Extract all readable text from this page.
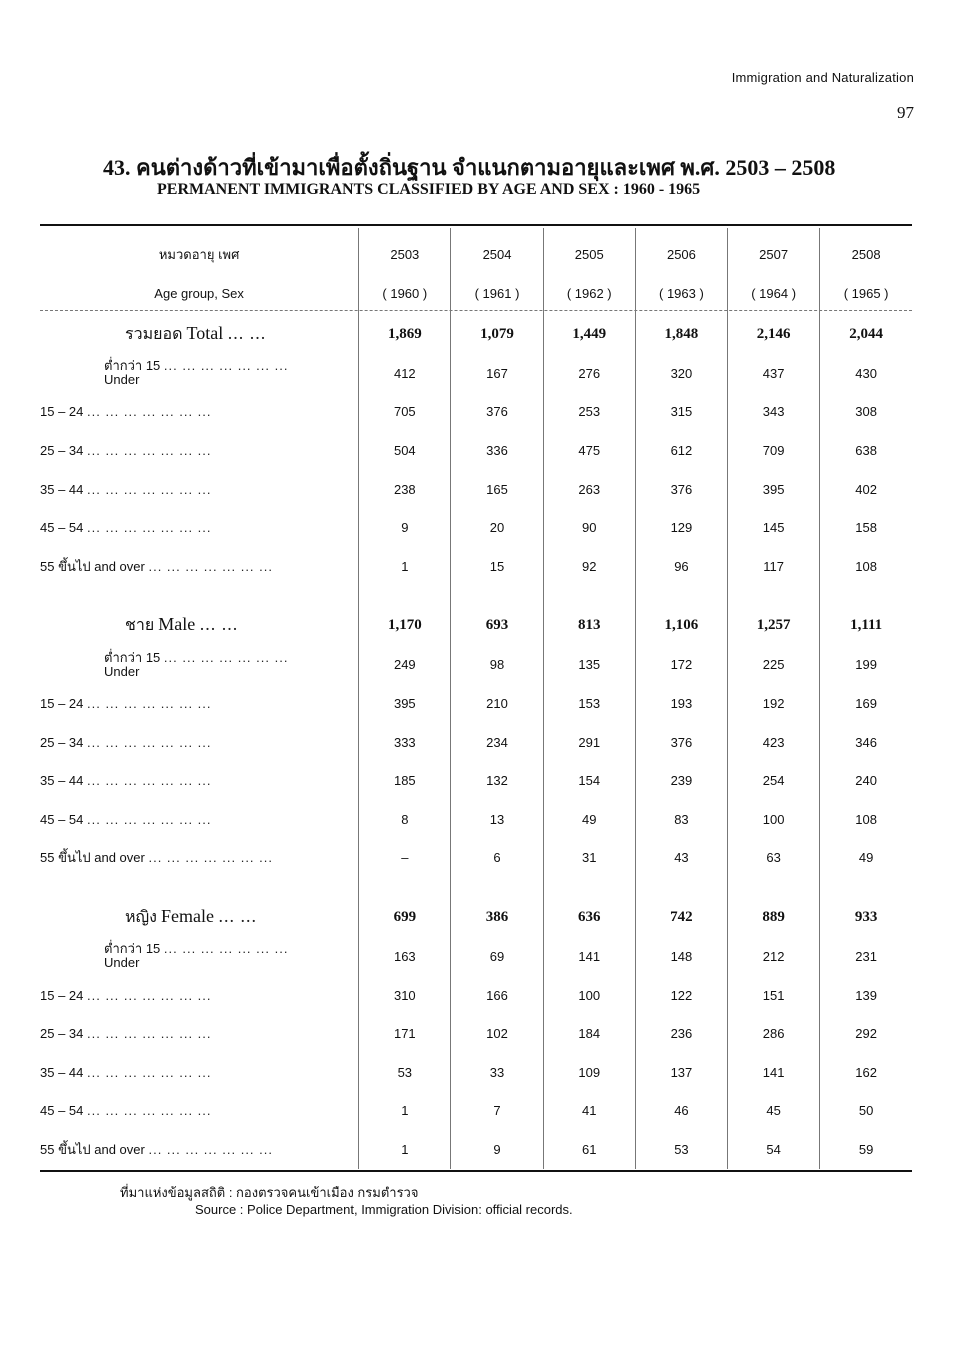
Immigration and Naturalization
97
43. คนต่างด้าวที่เข้ามาเพื่อตั้งถิ่นฐาน จำแนกตามอายุและเพศ พ.ศ. 2503 – 2508
PERMANENT IMMIGRANTS CLASSIFIED BY AGE AND SEX : 1960 - 1965
หมวดอายุ เพศ	2503	2504	2505	2506	2507	2508
Age group, Sex	( 1960 )	( 1961 )	( 1962 )	( 1963 )	( 1964 )	( 1965 )
รวมยอด Total ... ...	1,869	1,079	1,449	1,848	2,146	2,044
ต่ำกว่า 15 ... ... ... ... ... ... ...
Under	412	167	276	320	437	430
15 – 24 ... ... ... ... ... ... ...	705	376	253	315	343	308
25 – 34 ... ... ... ... ... ... ...	504	336	475	612	709	638
35 – 44 ... ... ... ... ... ... ...	238	165	263	376	395	402
45 – 54 ... ... ... ... ... ... ...	9	20	90	129	145	158
55 ขึ้นไป and over ... ... ... ... ... ... ...	1	15	92	96	117	108

ชาย Male ... ...	1,170	693	813	1,106	1,257	1,111
ต่ำกว่า 15 ... ... ... ... ... ... ...
Under	249	98	135	172	225	199
15 – 24 ... ... ... ... ... ... ...	395	210	153	193	192	169
25 – 34 ... ... ... ... ... ... ...	333	234	291	376	423	346
35 – 44 ... ... ... ... ... ... ...	185	132	154	239	254	240
45 – 54 ... ... ... ... ... ... ...	8	13	49	83	100	108
55 ขึ้นไป and over ... ... ... ... ... ... ...	–	6	31	43	63	49

หญิง Female ... ...	699	386	636	742	889	933
ต่ำกว่า 15 ... ... ... ... ... ... ...
Under	163	69	141	148	212	231
15 – 24 ... ... ... ... ... ... ...	310	166	100	122	151	139
25 – 34 ... ... ... ... ... ... ...	171	102	184	236	286	292
35 – 44 ... ... ... ... ... ... ...	53	33	109	137	141	162
45 – 54 ... ... ... ... ... ... ...	1	7	41	46	45	50
55 ขึ้นไป and over ... ... ... ... ... ... ...	1	9	61	53	54	59
ที่มาแห่งข้อมูลสถิติ : กองตรวจคนเข้าเมือง กรมตำรวจ
Source : Police Department, Immigration Division: official records.
